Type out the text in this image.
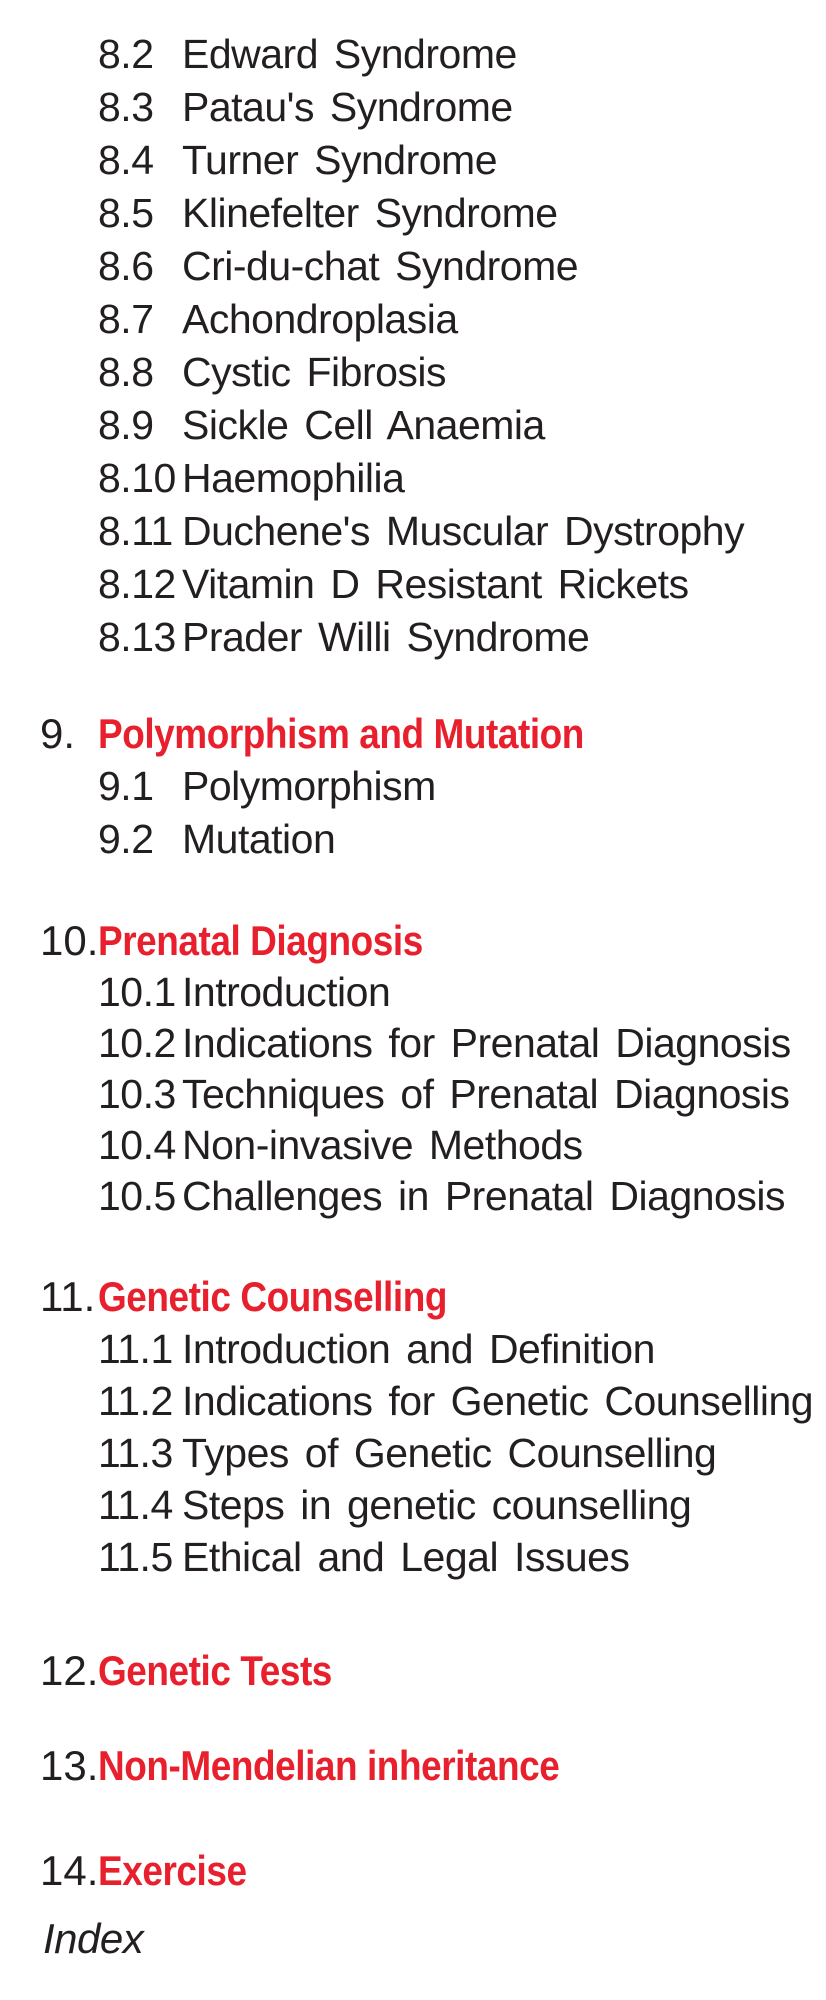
8.2 Edward Syndrome
8.3 Patau's Syndrome
8.4 Turner Syndrome
8.5 Klinefelter Syndrome
8.6 Cri-du-chat Syndrome
8.7 Achondroplasia
8.8 Cystic Fibrosis
8.9 Sickle Cell Anaemia
8.10 Haemophilia
8.11 Duchene's Muscular Dystrophy
8.12 Vitamin D Resistant Rickets
8.13 Prader Willi Syndrome
9. Polymorphism and Mutation
9.1 Polymorphism
9.2 Mutation
10.Prenatal Diagnosis
10.1 Introduction
10.2 Indications for Prenatal Diagnosis
10.3 Techniques of Prenatal Diagnosis
10.4 Non-invasive Methods
10.5 Challenges in Prenatal Diagnosis
11.Genetic Counselling
11.1 Introduction and Definition
11.2 Indications for Genetic Counselling
11.3 Types of Genetic Counselling
11.4 Steps in genetic counselling
11.5 Ethical and Legal Issues
12.Genetic Tests
13.Non-Mendelian inheritance
14.Exercise
Index
